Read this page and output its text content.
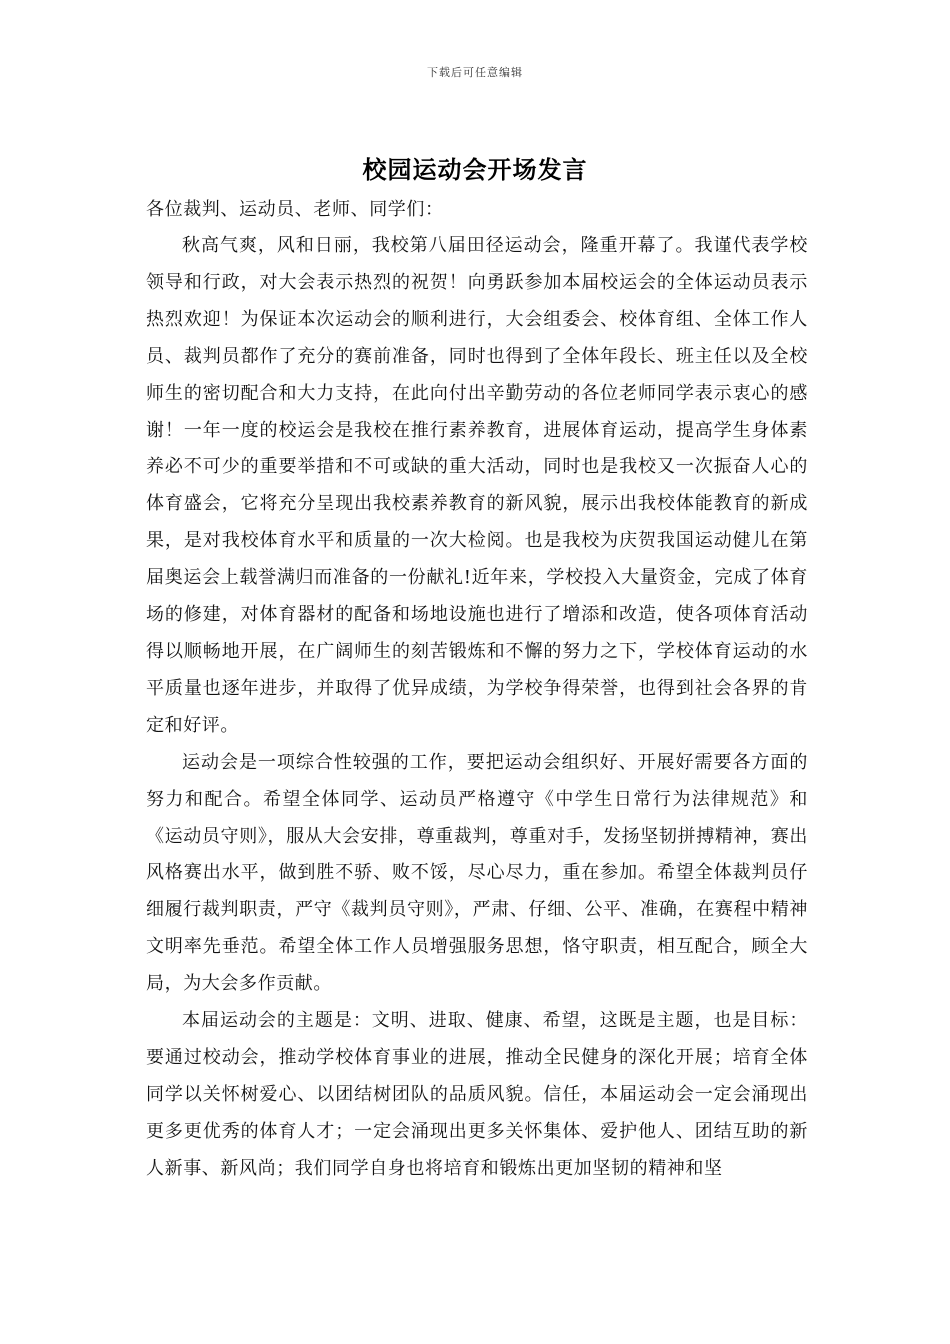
下载后可任意编辑
校园运动会开场发言

各位裁判、运动员、老师、同学们：

秋高气爽，风和日丽，我校第八届田径运动会，隆重开幕了。我谨代表学校领导和行政，对大会表示热烈的祝贺！向勇跃参加本届校运会的全体运动员表示热烈欢迎！为保证本次运动会的顺利进行，大会组委会、校体育组、全体工作人员、裁判员都作了充分的赛前准备，同时也得到了全体年段长、班主任以及全校师生的密切配合和大力支持，在此向付出辛勤劳动的各位老师同学表示衷心的感谢！一年一度的校运会是我校在推行素养教育，进展体育运动，提高学生身体素养必不可少的重要举措和不可或缺的重大活动，同时也是我校又一次振奋人心的体育盛会，它将充分呈现出我校素养教育的新风貌，展示出我校体能教育的新成果，是对我校体育水平和质量的一次大检阅。也是我校为庆贺我国运动健儿在第届奥运会上载誉满归而准备的一份献礼!近年来，学校投入大量资金，完成了体育场的修建，对体育器材的配备和场地设施也进行了增添和改造，使各项体育活动得以顺畅地开展，在广阔师生的刻苦锻炼和不懈的努力之下，学校体育运动的水平质量也逐年进步，并取得了优异成绩，为学校争得荣誉，也得到社会各界的肯定和好评。

运动会是一项综合性较强的工作，要把运动会组织好、开展好需要各方面的努力和配合。希望全体同学、运动员严格遵守《中学生日常行为法律规范》和《运动员守则》，服从大会安排，尊重裁判，尊重对手，发扬坚韧拼搏精神，赛出风格赛出水平，做到胜不骄、败不馁，尽心尽力，重在参加。希望全体裁判员仔细履行裁判职责，严守《裁判员守则》，严肃、仔细、公平、准确，在赛程中精神文明率先垂范。希望全体工作人员增强服务思想，恪守职责，相互配合，顾全大局，为大会多作贡献。

本届运动会的主题是：文明、进取、健康、希望，这既是主题，也是目标：要通过校动会，推动学校体育事业的进展，推动全民健身的深化开展；培育全体同学以关怀树爱心、以团结树团队的品质风貌。信任，本届运动会一定会涌现出更多更优秀的体育人才；一定会涌现出更多关怀集体、爱护他人、团结互助的新人新事、新风尚；我们同学自身也将培育和锻炼出更加坚韧的精神和坚
